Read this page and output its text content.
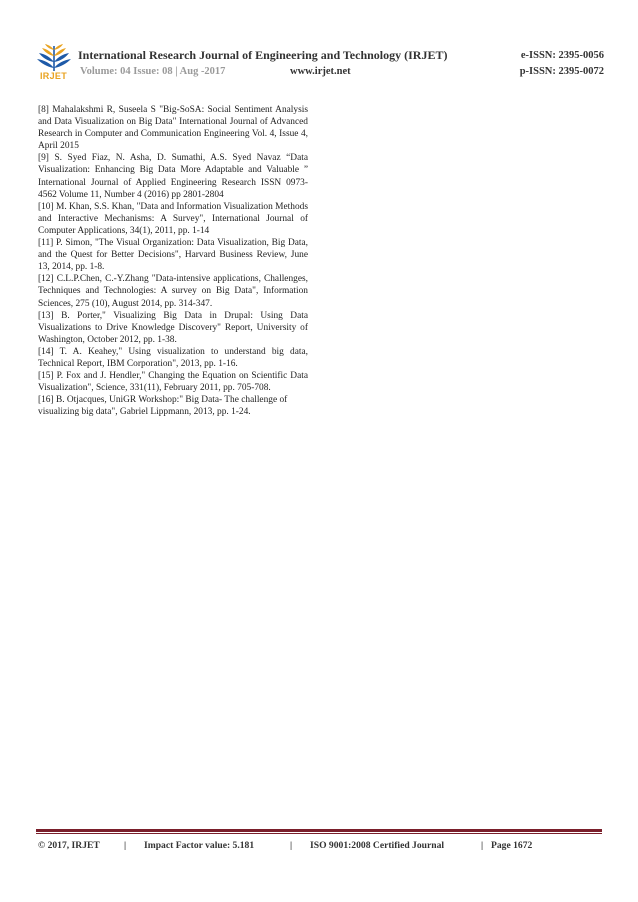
IRJET
International Research Journal of Engineering and Technology (IRJET)	e-ISSN: 2395-0056
Volume: 04 Issue: 08 | Aug -2017	www.irjet.net	p-ISSN: 2395-0072

[8] Mahalakshmi R, Suseela S "Big-SoSA: Social Sentiment Analysis and Data Visualization on Big Data" International Journal of Advanced Research in Computer and Communication Engineering Vol. 4, Issue 4, April 2015

[9] S. Syed Fiaz, N. Asha, D. Sumathi, A.S. Syed Navaz “Data Visualization: Enhancing Big Data More Adaptable and Valuable ” International Journal of Applied Engineering Research ISSN 0973- 4562 Volume 11, Number 4 (2016) pp 2801-2804

[10] M. Khan, S.S. Khan, "Data and Information Visualization Methods and Interactive Mechanisms: A Survey", International Journal of Computer Applications, 34(1), 2011, pp. 1-14

[11] P. Simon, "The Visual Organization: Data Visualization, Big Data, and the Quest for Better Decisions", Harvard Business Review, June 13, 2014, pp. 1-8.

[12] C.L.P.Chen, C.-Y.Zhang "Data-intensive applications, Challenges, Techniques and Technologies: A survey on Big Data", Information Sciences, 275 (10), August 2014, pp. 314-347.

[13] B. Porter," Visualizing Big Data in Drupal: Using Data Visualizations to Drive Knowledge Discovery" Report, University of Washington, October 2012, pp. 1-38.

[14] T. A. Keahey," Using visualization to understand big data, Technical Report, IBM Corporation", 2013, pp. 1-16.

[15] P. Fox and J. Hendler," Changing the Equation on Scientific Data Visualization", Science, 331(11), February 2011, pp. 705-708.

[16] B. Otjacques, UniGR Workshop:" Big Data- The challenge of visualizing big data", Gabriel Lippmann, 2013, pp. 1-24.

© 2017, IRJET	| Impact Factor value: 5.181	| ISO 9001:2008 Certified Journal	| Page 1672
